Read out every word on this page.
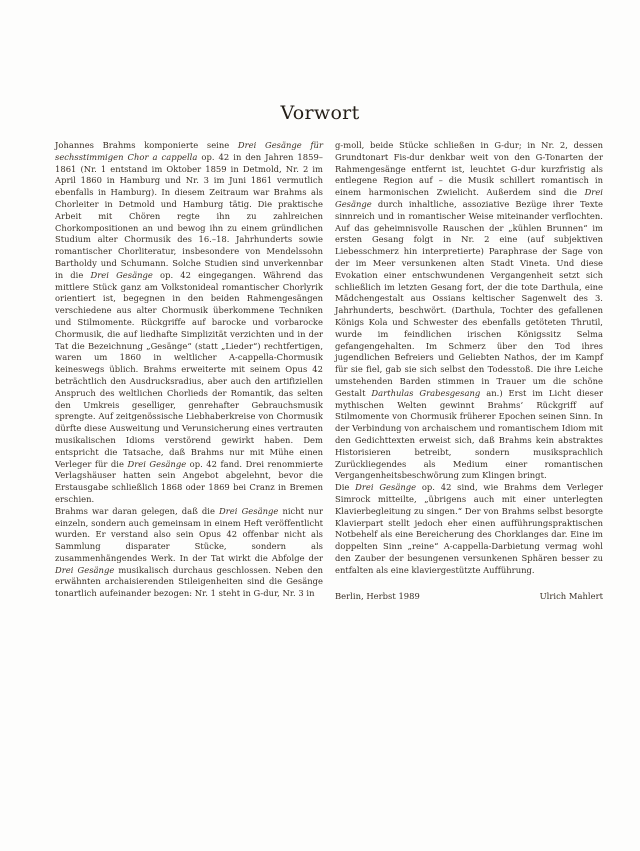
Vorwort

Johannes Brahms komponierte seine Drei Gesänge für sechsstimmigen Chor a cappella op. 42 in den Jahren 1859–1861 (Nr. 1 entstand im Oktober 1859 in Detmold, Nr. 2 im April 1860 in Hamburg und Nr. 3 im Juni 1861 vermutlich ebenfalls in Hamburg). In diesem Zeitraum war Brahms als Chorleiter in Detmold und Hamburg tätig. Die praktische Arbeit mit Chören regte ihn zu zahlreichen Chorkompositionen an und bewog ihn zu einem gründlichen Studium alter Chormusik des 16.–18. Jahrhunderts sowie romantischer Chorliteratur, insbesondere von Mendelssohn Bartholdy und Schumann. Solche Studien sind unverkennbar in die Drei Gesänge op. 42 eingegangen. Während das mittlere Stück ganz am Volkstonideal romantischer Chorlyrik orientiert ist, begegnen in den beiden Rahmengesängen verschiedene aus alter Chormusik überkommene Techniken und Stilmomente. Rückgriffe auf barocke und vorbarocke Chormusik, die auf liedhafte Simplizität verzichten und in der Tat die Bezeichnung „Gesänge“ (statt „Lieder“) rechtfertigen, waren um 1860 in weltlicher A-cappella-Chormusik keineswegs üblich. Brahms erweiterte mit seinem Opus 42 beträchtlich den Ausdrucksradius, aber auch den artifiziellen Anspruch des weltlichen Chorlieds der Romantik, das selten den Umkreis geselliger, genrehafter Gebrauchsmusik sprengte. Auf zeitgenössische Liebhaberkreise von Chormusik dürfte diese Ausweitung und Verunsicherung eines vertrauten musikalischen Idioms verstörend gewirkt haben. Dem entspricht die Tatsache, daß Brahms nur mit Mühe einen Verleger für die Drei Gesänge op. 42 fand. Drei renommierte Verlagshäuser hatten sein Angebot abgelehnt, bevor die Erstausgabe schließlich 1868 oder 1869 bei Cranz in Bremen erschien.

Brahms war daran gelegen, daß die Drei Gesänge nicht nur einzeln, sondern auch gemeinsam in einem Heft veröffentlicht wurden. Er verstand also sein Opus 42 offenbar nicht als Sammlung disparater Stücke, sondern als zusammenhängendes Werk. In der Tat wirkt die Abfolge der Drei Gesänge musikalisch durchaus geschlossen. Neben den erwähnten archaisierenden Stileigenheiten sind die Gesänge tonartlich aufeinander bezogen: Nr. 1 steht in G-dur, Nr. 3 in

g-moll, beide Stücke schließen in G-dur; in Nr. 2, dessen Grundtonart Fis-dur denkbar weit von den G-Tonarten der Rahmengesänge entfernt ist, leuchtet G-dur kurzfristig als entlegene Region auf – die Musik schillert romantisch in einem harmonischen Zwielicht. Außerdem sind die Drei Gesänge durch inhaltliche, assoziative Bezüge ihrer Texte sinnreich und in romantischer Weise miteinander verflochten. Auf das geheimnisvolle Rauschen der „kühlen Brunnen“ im ersten Gesang folgt in Nr. 2 eine (auf subjektiven Liebesschmerz hin interpretierte) Paraphrase der Sage von der im Meer versunkenen alten Stadt Vineta. Und diese Evokation einer entschwundenen Vergangenheit setzt sich schließlich im letzten Gesang fort, der die tote Darthula, eine Mädchengestalt aus Ossians keltischer Sagenwelt des 3. Jahrhunderts, beschwört. (Darthula, Tochter des gefallenen Königs Kola und Schwester des ebenfalls getöteten Thrutil, wurde im feindlichen irischen Königssitz Selma gefangengehalten. Im Schmerz über den Tod ihres jugendlichen Befreiers und Geliebten Nathos, der im Kampf für sie fiel, gab sie sich selbst den Todesstoß. Die ihre Leiche umstehenden Barden stimmen in Trauer um die schöne Gestalt Darthulas Grabesgesang an.) Erst im Licht dieser mythischen Welten gewinnt Brahms’ Rückgriff auf Stilmomente von Chormusik früherer Epochen seinen Sinn. In der Verbindung von archaischem und romantischem Idiom mit den Gedichttexten erweist sich, daß Brahms kein abstraktes Historisieren betreibt, sondern musiksprachlich Zurückliegendes als Medium einer romantischen Vergangenheitsbeschwörung zum Klingen bringt.

Die Drei Gesänge op. 42 sind, wie Brahms dem Verleger Simrock mitteilte, „übrigens auch mit einer unterlegten Klavierbegleitung zu singen.“ Der von Brahms selbst besorgte Klavierpart stellt jedoch eher einen aufführungspraktischen Notbehelf als eine Bereicherung des Chorklanges dar. Eine im doppelten Sinn „reine“ A-cappella-Darbietung vermag wohl den Zauber der besungenen versunkenen Sphären besser zu entfalten als eine klaviergestützte Aufführung.

Berlin, Herbst 1989	Ulrich Mahlert
